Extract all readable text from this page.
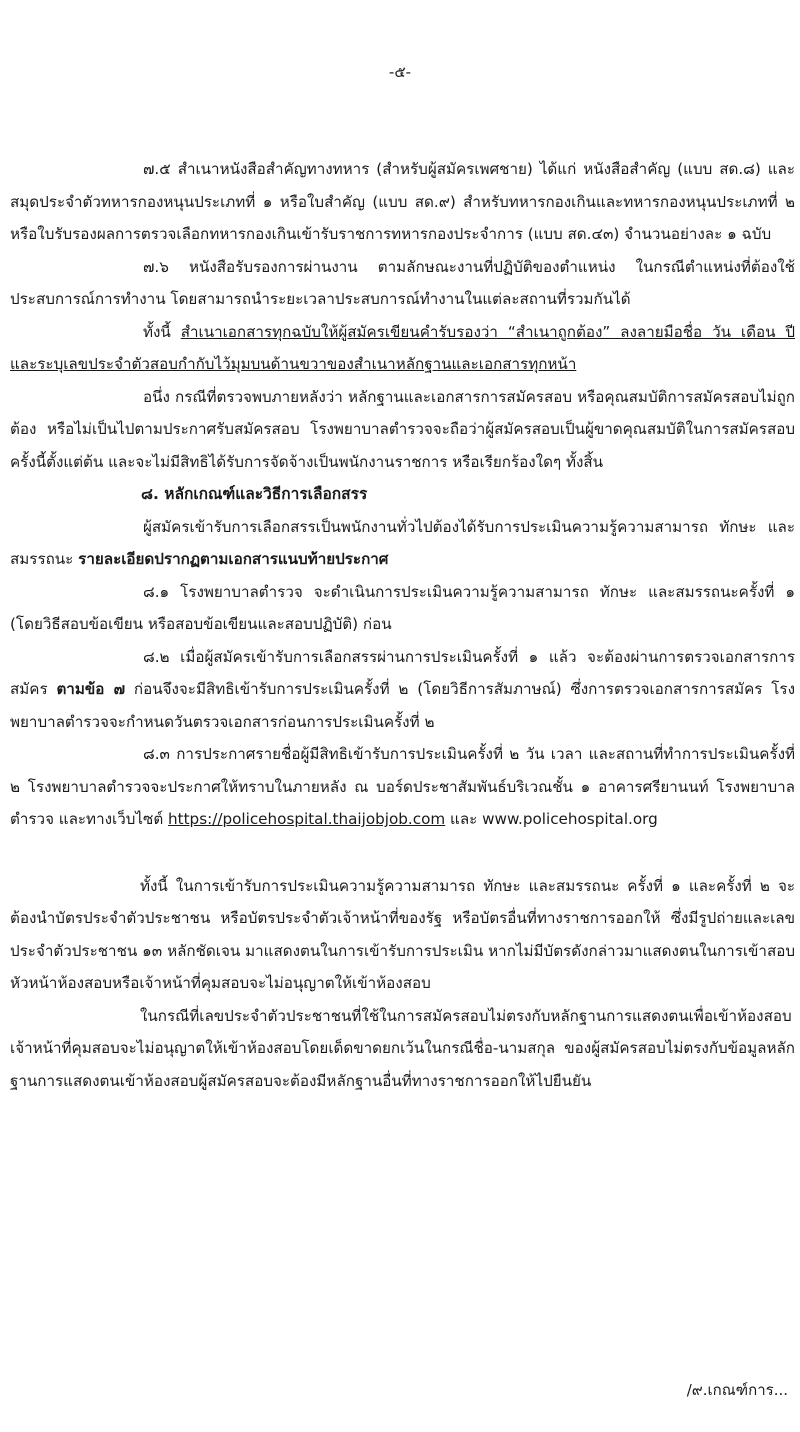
-๕-

๗.๕ สำเนาหนังสือสำคัญทางทหาร (สำหรับผู้สมัครเพศชาย) ได้แก่ หนังสือสำคัญ (แบบ สด.๘) และสมุดประจำตัวทหารกองหนุนประเภทที่ ๑ หรือใบสำคัญ (แบบ สด.๙) สำหรับทหารกองเกินและทหารกองหนุนประเภทที่ ๒ หรือใบรับรองผลการตรวจเลือกทหารกองเกินเข้ารับราชการทหารกองประจำการ (แบบ สด.๔๓) จำนวนอย่างละ ๑ ฉบับ

๗.๖ หนังสือรับรองการผ่านงาน ตามลักษณะงานที่ปฏิบัติของตำแหน่ง ในกรณีตำแหน่งที่ต้องใช้ประสบการณ์การทำงาน โดยสามารถนำระยะเวลาประสบการณ์ทำงานในแต่ละสถานที่รวมกันได้

ทั้งนี้ สำเนาเอกสารทุกฉบับให้ผู้สมัครเขียนคำรับรองว่า “สำเนาถูกต้อง” ลงลายมือชื่อ วัน เดือน ปี และระบุเลขประจำตัวสอบกำกับไว้มุมบนด้านขวาของสำเนาหลักฐานและเอกสารทุกหน้า

อนึ่ง กรณีที่ตรวจพบภายหลังว่า หลักฐานและเอกสารการสมัครสอบ หรือคุณสมบัติการสมัครสอบไม่ถูกต้อง หรือไม่เป็นไปตามประกาศรับสมัครสอบ โรงพยาบาลตำรวจจะถือว่าผู้สมัครสอบเป็นผู้ขาดคุณสมบัติในการสมัครสอบครั้งนี้ตั้งแต่ต้น และจะไม่มีสิทธิได้รับการจัดจ้างเป็นพนักงานราชการ หรือเรียกร้องใดๆ ทั้งสิ้น

๘. หลักเกณฑ์และวิธีการเลือกสรร

ผู้สมัครเข้ารับการเลือกสรรเป็นพนักงานทั่วไปต้องได้รับการประเมินความรู้ความสามารถ ทักษะ และสมรรถนะ รายละเอียดปรากฏตามเอกสารแนบท้ายประกาศ

๘.๑ โรงพยาบาลตำรวจ จะดำเนินการประเมินความรู้ความสามารถ ทักษะ และสมรรถนะครั้งที่ ๑ (โดยวิธีสอบข้อเขียน หรือสอบข้อเขียนและสอบปฏิบัติ) ก่อน

๘.๒ เมื่อผู้สมัครเข้ารับการเลือกสรรผ่านการประเมินครั้งที่ ๑ แล้ว จะต้องผ่านการตรวจเอกสารการสมัคร ตามข้อ ๗ ก่อนจึงจะมีสิทธิเข้ารับการประเมินครั้งที่ ๒ (โดยวิธีการสัมภาษณ์) ซึ่งการตรวจเอกสารการสมัคร โรงพยาบาลตำรวจจะกำหนดวันตรวจเอกสารก่อนการประเมินครั้งที่ ๒

๘.๓ การประกาศรายชื่อผู้มีสิทธิเข้ารับการประเมินครั้งที่ ๒ วัน เวลา และสถานที่ทำการประเมินครั้งที่ ๒ โรงพยาบาลตำรวจจะประกาศให้ทราบในภายหลัง ณ บอร์ดประชาสัมพันธ์บริเวณชั้น ๑ อาคารศรียานนท์ โรงพยาบาลตำรวจ และทางเว็บไซต์ https://policehospital.thaijobjob.com และ www.policehospital.org

ทั้งนี้ ในการเข้ารับการประเมินความรู้ความสามารถ ทักษะ และสมรรถนะ ครั้งที่ ๑ และครั้งที่ ๒ จะต้องนำบัตรประจำตัวประชาชน หรือบัตรประจำตัวเจ้าหน้าที่ของรัฐ หรือบัตรอื่นที่ทางราชการออกให้ ซึ่งมีรูปถ่ายและเลขประจำตัวประชาชน ๑๓ หลักชัดเจน มาแสดงตนในการเข้ารับการประเมิน หากไม่มีบัตรดังกล่าวมาแสดงตนในการเข้าสอบ หัวหน้าห้องสอบหรือเจ้าหน้าที่คุมสอบจะไม่อนุญาตให้เข้าห้องสอบ

ในกรณีที่เลขประจำตัวประชาชนที่ใช้ในการสมัครสอบไม่ตรงกับหลักฐานการแสดงตนเพื่อเข้าห้องสอบเจ้าหน้าที่คุมสอบจะไม่อนุญาตให้เข้าห้องสอบโดยเด็ดขาดยกเว้นในกรณีชื่อ-นามสกุล ของผู้สมัครสอบไม่ตรงกับข้อมูลหลักฐานการแสดงตนเข้าห้องสอบผู้สมัครสอบจะต้องมีหลักฐานอื่นที่ทางราชการออกให้ไปยืนยัน

/๙.เกณฑ์การ...
